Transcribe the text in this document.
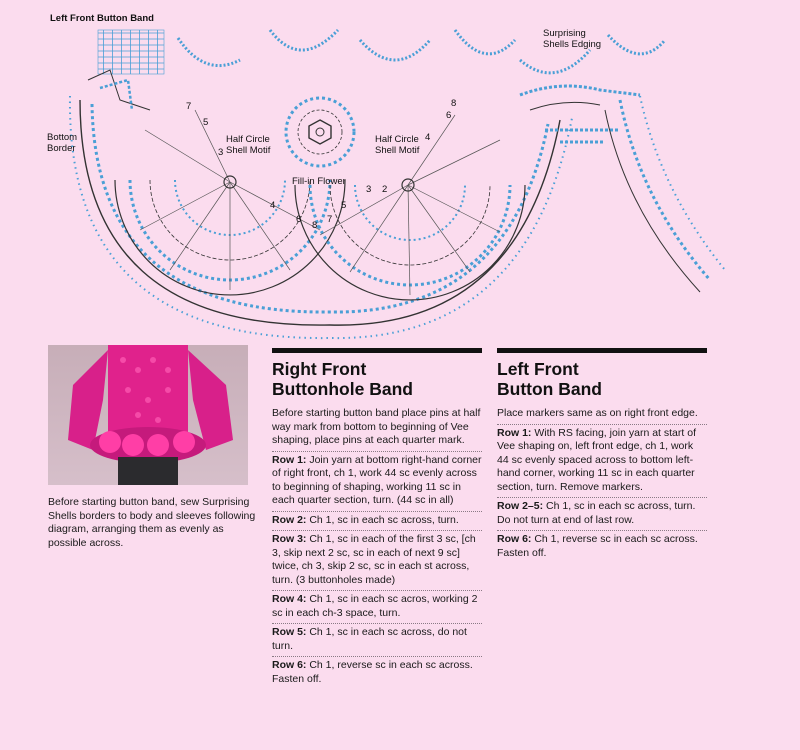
Left Front Button Band
Surprising
Shells Edging
Bottom
Border
Half Circle
Shell Motif
Half Circle
Shell Motif
Fill-in Flower
7
5
3
4
6
8
7
5
3 2
8
6
4
Before starting button band, sew Surprising Shells borders to body and sleeves following diagram, arranging them as evenly as possible across.
Right Front
Buttonhole Band
Before starting button band place pins at half way mark from bottom to beginning of Vee shaping, place pins at each quarter mark.
Row 1: Join yarn at bottom right-hand corner of right front, ch 1, work 44 sc evenly across to beginning of shaping, working 11 sc in each quarter section, turn. (44 sc in all)
Row 2: Ch 1, sc in each sc across, turn.
Row 3: Ch 1, sc in each of the first 3 sc, [ch 3, skip next 2 sc, sc in each of next 9 sc] twice, ch 3, skip 2 sc, sc in each st across, turn. (3 buttonholes made)
Row 4: Ch 1, sc in each sc acros, working 2 sc in each ch-3 space, turn.
Row 5: Ch 1, sc in each sc across, do not turn.
Row 6: Ch 1, reverse sc in each sc across. Fasten off.
Left Front
Button Band
Place markers same as on right front edge.
Row 1: With RS facing, join yarn at start of Vee shaping on, left front edge, ch 1, work 44 sc evenly spaced across to bottom left-hand corner, working 11 sc in each quarter section, turn. Remove markers.
Row 2–5: Ch 1, sc in each sc across, turn. Do not turn at end of last row.
Row 6: Ch 1, reverse sc in each sc across. Fasten off.
